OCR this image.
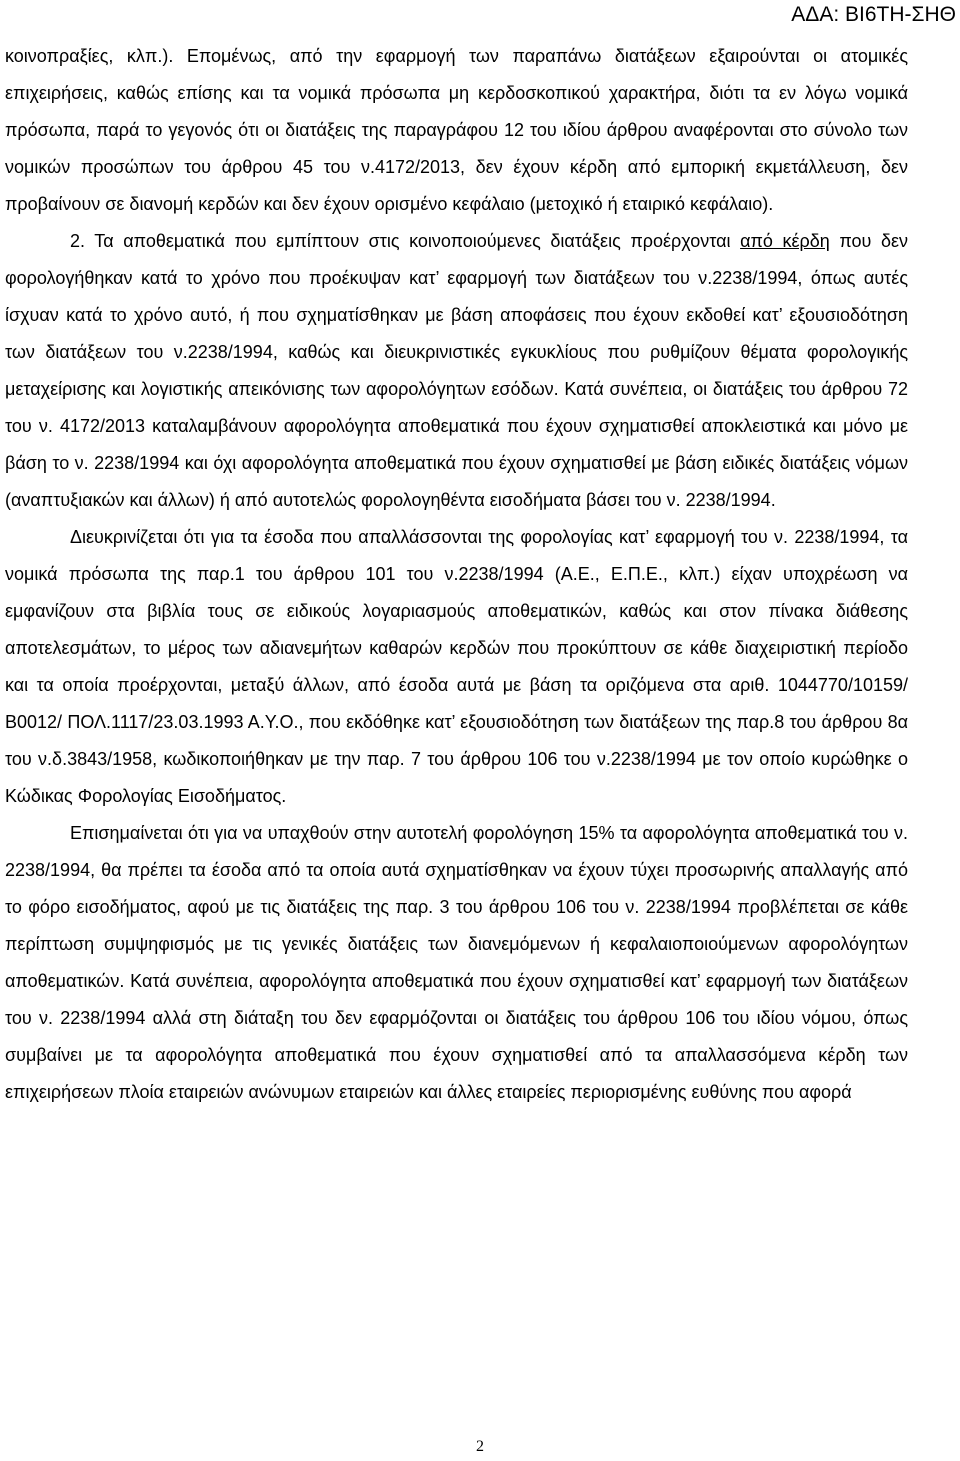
ΑΔΑ: ΒΙ6ΤΗ-ΣΗΘ

κοινοπραξίες, κλπ.). Επομένως, από την εφαρμογή των παραπάνω διατάξεων εξαιρούνται οι ατομικές επιχειρήσεις, καθώς επίσης και τα νομικά πρόσωπα μη κερδοσκοπικού χαρακτήρα, διότι τα εν λόγω νομικά πρόσωπα, παρά το γεγονός ότι οι διατάξεις της παραγράφου 12 του ιδίου άρθρου αναφέρονται στο σύνολο των νομικών προσώπων του άρθρου 45 του ν.4172/2013, δεν έχουν κέρδη από εμπορική εκμετάλλευση, δεν προβαίνουν σε διανομή κερδών και δεν έχουν ορισμένο κεφάλαιο (μετοχικό ή εταιρικό κεφάλαιο).

2. Τα αποθεματικά που εμπίπτουν στις κοινοποιούμενες διατάξεις προέρχονται από κέρδη που δεν φορολογήθηκαν κατά το χρόνο που προέκυψαν κατ’ εφαρμογή των διατάξεων του ν.2238/1994, όπως αυτές ίσχυαν κατά το χρόνο αυτό, ή που σχηματίσθηκαν με βάση αποφάσεις που έχουν εκδοθεί κατ’ εξουσιοδότηση των διατάξεων του ν.2238/1994, καθώς και διευκρινιστικές εγκυκλίους που ρυθμίζουν θέματα φορολογικής μεταχείρισης και λογιστικής απεικόνισης των αφορολόγητων εσόδων. Κατά συνέπεια, οι διατάξεις του άρθρου 72 του ν. 4172/2013 καταλαμβάνουν αφορολόγητα αποθεματικά που έχουν σχηματισθεί αποκλειστικά και μόνο με βάση το ν. 2238/1994 και όχι αφορολόγητα αποθεματικά που έχουν σχηματισθεί με βάση ειδικές διατάξεις νόμων (αναπτυξιακών και άλλων) ή από αυτοτελώς φορολογηθέντα εισοδήματα βάσει του ν. 2238/1994.

Διευκρινίζεται ότι για τα έσοδα που απαλλάσσονται της φορολογίας κατ’ εφαρμογή του ν. 2238/1994, τα νομικά πρόσωπα της παρ.1 του άρθρου 101 του ν.2238/1994 (Α.Ε., Ε.Π.Ε., κλπ.) είχαν υποχρέωση να εμφανίζουν στα βιβλία τους σε ειδικούς λογαριασμούς αποθεματικών, καθώς και στον πίνακα διάθεσης αποτελεσμάτων, το μέρος των αδιανεμήτων καθαρών κερδών που προκύπτουν σε κάθε διαχειριστική περίοδο και τα οποία προέρχονται, μεταξύ άλλων, από έσοδα αυτά με βάση τα οριζόμενα στα αριθ. 1044770/10159/Β0012/ ΠΟΛ.1117/23.03.1993 Α.Υ.Ο., που εκδόθηκε κατ’ εξουσιοδότηση των διατάξεων της παρ.8 του άρθρου 8α του ν.δ.3843/1958, κωδικοποιήθηκαν με την παρ. 7 του άρθρου 106 του ν.2238/1994 με τον οποίο κυρώθηκε ο Κώδικας Φορολογίας Εισοδήματος.

Επισημαίνεται ότι για να υπαχθούν στην αυτοτελή φορολόγηση 15% τα αφορολόγητα αποθεματικά του ν. 2238/1994, θα πρέπει τα έσοδα από τα οποία αυτά σχηματίσθηκαν να έχουν τύχει προσωρινής απαλλαγής από το φόρο εισοδήματος, αφού με τις διατάξεις της παρ. 3 του άρθρου 106 του ν. 2238/1994 προβλέπεται σε κάθε περίπτωση συμψηφισμός με τις γενικές διατάξεις των διανεμόμενων ή κεφαλαιοποιούμενων αφορολόγητων αποθεματικών. Κατά συνέπεια, αφορολόγητα αποθεματικά που έχουν σχηματισθεί κατ’ εφαρμογή των διατάξεων του ν. 2238/1994 αλλά στη διάταξη του δεν εφαρμόζονται οι διατάξεις του άρθρου 106 του ιδίου νόμου, όπως συμβαίνει με τα αφορολόγητα αποθεματικά που έχουν σχηματισθεί από τα απαλλασσόμενα κέρδη των επιχειρήσεων πλοία εταιρειών ανώνυμων εταιρειών και άλλες εταιρείες περιορισμένης ευθύνης που αφορά

2
